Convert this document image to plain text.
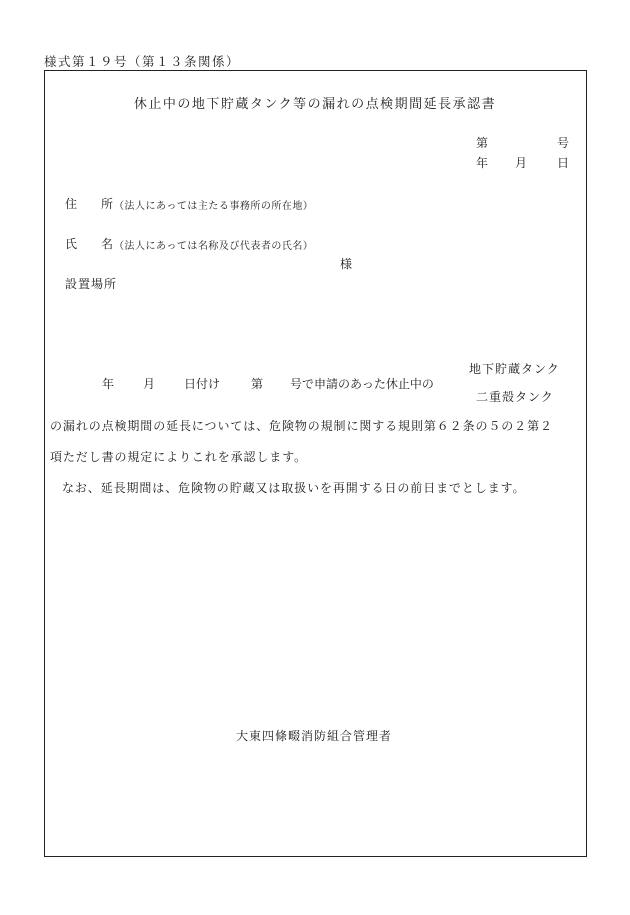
様式第１９号（第１３条関係）
休止中の地下貯蔵タンク等の漏れの点検期間延長承認書
第	号
年 月 日
住 所 （法人にあっては主たる事務所の所在地）
氏 名 （法人にあっては名称及び代表者の氏名）
様
設置場所
地下貯蔵タンク
年 月 日付け	第 号で申請のあった休止中の
二重殻タンク
の漏れの点検期間の延長については、危険物の規制に関する規則第６２条の５の２第２
項ただし書の規定によりこれを承認します。
なお、延長期間は、危険物の貯蔵又は取扱いを再開する日の前日までとします。
大東四條畷消防組合管理者
